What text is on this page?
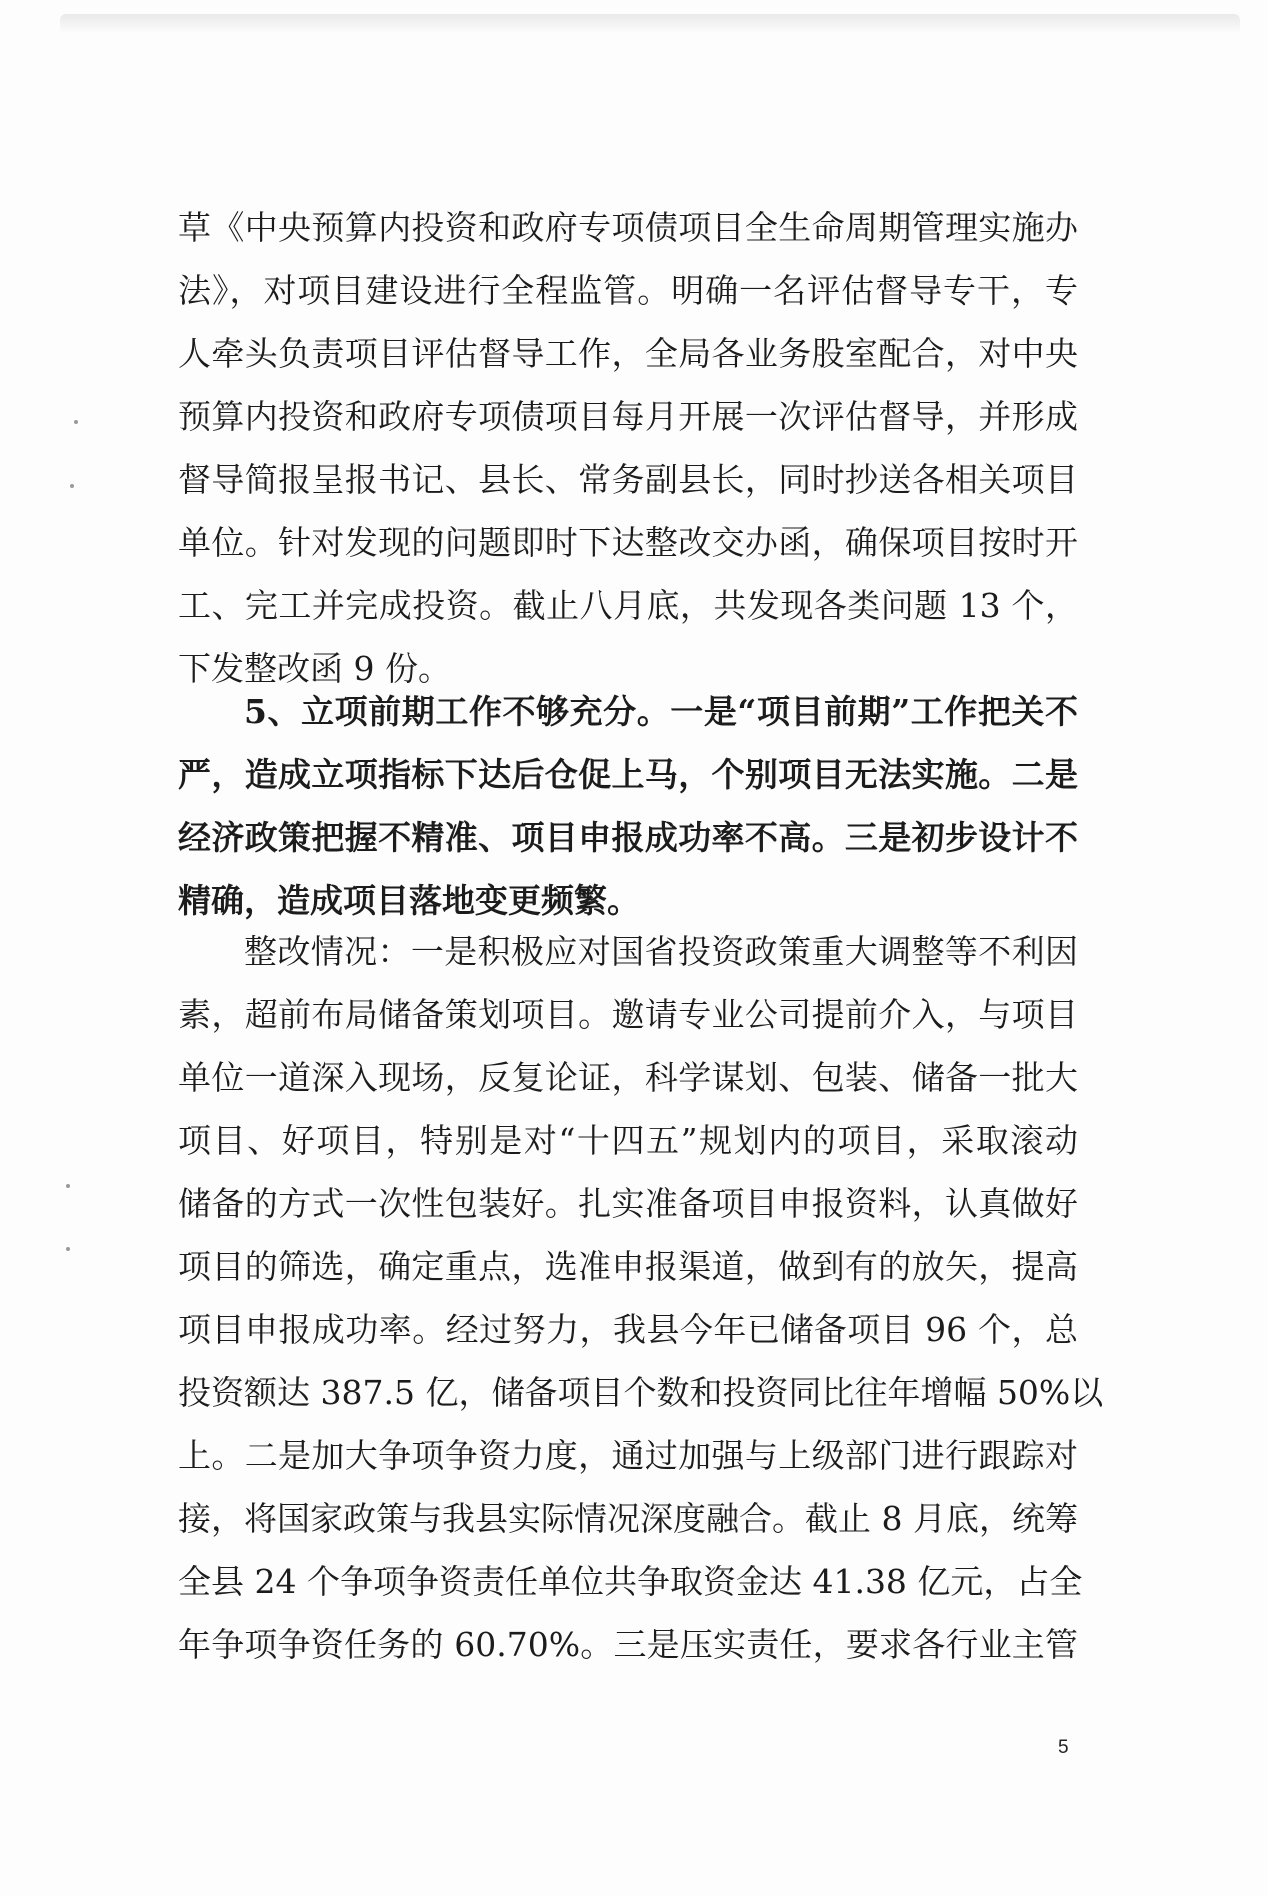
草《中央预算内投资和政府专项债项目全生命周期管理实施办
法》，对项目建设进行全程监管。明确一名评估督导专干，专
人牵头负责项目评估督导工作，全局各业务股室配合，对中央
预算内投资和政府专项债项目每月开展一次评估督导，并形成
督导简报呈报书记、县长、常务副县长，同时抄送各相关项目
单位。针对发现的问题即时下达整改交办函，确保项目按时开
工、完工并完成投资。截止八月底，共发现各类问题 13 个，
下发整改函 9 份。
5、立项前期工作不够充分。一是“项目前期”工作把关不
严，造成立项指标下达后仓促上马，个别项目无法实施。二是
经济政策把握不精准、项目申报成功率不高。三是初步设计不
精确，造成项目落地变更频繁。
整改情况：一是积极应对国省投资政策重大调整等不利因
素，超前布局储备策划项目。邀请专业公司提前介入，与项目
单位一道深入现场，反复论证，科学谋划、包装、储备一批大
项目、好项目，特别是对“十四五”规划内的项目，采取滚动
储备的方式一次性包装好。扎实准备项目申报资料，认真做好
项目的筛选，确定重点，选准申报渠道，做到有的放矢，提高
项目申报成功率。经过努力，我县今年已储备项目 96 个，总
投资额达 387.5 亿，储备项目个数和投资同比往年增幅 50%以
上。二是加大争项争资力度，通过加强与上级部门进行跟踪对
接，将国家政策与我县实际情况深度融合。截止 8 月底，统筹
全县 24 个争项争资责任单位共争取资金达 41.38 亿元，占全
年争项争资任务的 60.70%。三是压实责任，要求各行业主管
5
